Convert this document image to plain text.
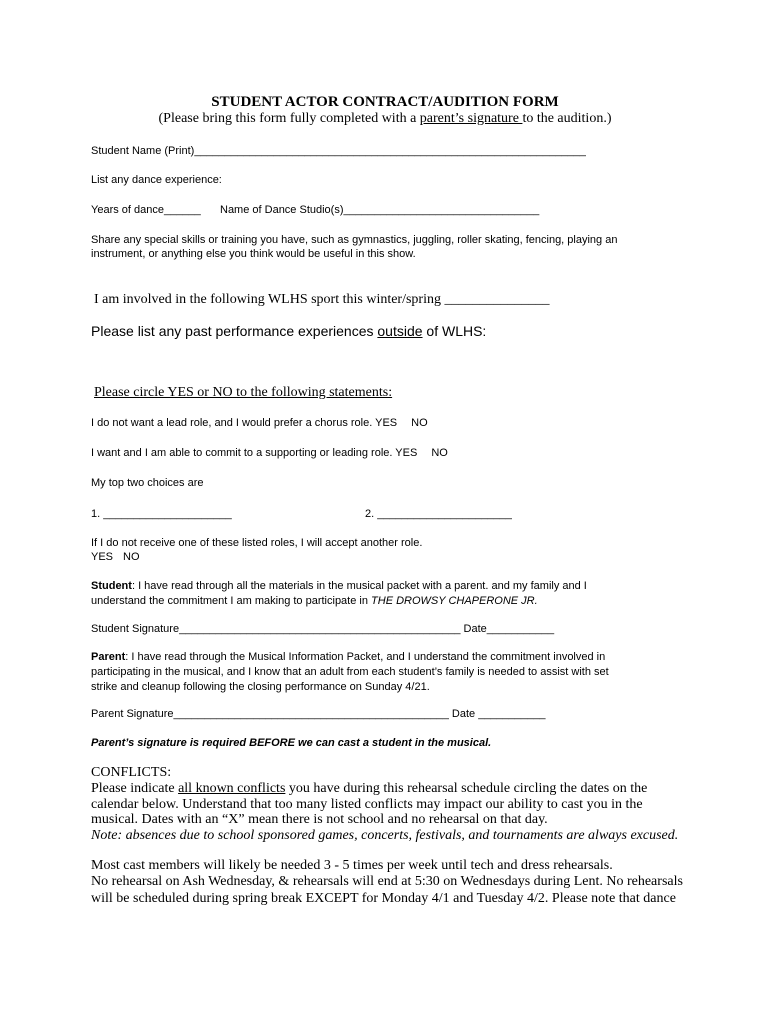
STUDENT ACTOR CONTRACT/AUDITION FORM
(Please bring this form fully completed with a parent’s signature to the audition.)
Student Name (Print)________________________________________________________________
List any dance experience:
Years of dance______ Name of Dance Studio(s)________________________________
Share any special skills or training you have, such as gymnastics, juggling, roller skating, fencing, playing an
instrument, or anything else you think would be useful in this show.
I am involved in the following WLHS sport this winter/spring _______________
Please list any past performance experiences outside of WLHS:
Please circle YES or NO to the following statements:
I do not want a lead role, and I would prefer a chorus role. YES NO
I want and I am able to commit to a supporting or leading role. YES NO
My top two choices are
1. _____________________	2. ______________________
If I do not receive one of these listed roles, I will accept another role.
YES NO
Student: I have read through all the materials in the musical packet with a parent. and my family and I
understand the commitment I am making to participate in THE DROWSY CHAPERONE JR.
Student Signature______________________________________________ Date___________
Parent: I have read through the Musical Information Packet, and I understand the commitment involved in
participating in the musical, and I know that an adult from each student’s family is needed to assist with set
strike and cleanup following the closing performance on Sunday 4/21.
Parent Signature_____________________________________________ Date ___________
Parent’s signature is required BEFORE we can cast a student in the musical.
CONFLICTS:
Please indicate all known conflicts you have during this rehearsal schedule circling the dates on the
calendar below. Understand that too many listed conflicts may impact our ability to cast you in the
musical. Dates with an “X” mean there is not school and no rehearsal on that day.
Note: absences due to school sponsored games, concerts, festivals, and tournaments are always excused.
Most cast members will likely be needed 3 - 5 times per week until tech and dress rehearsals.
No rehearsal on Ash Wednesday, & rehearsals will end at 5:30 on Wednesdays during Lent. No rehearsals
will be scheduled during spring break EXCEPT for Monday 4/1 and Tuesday 4/2. Please note that dance
